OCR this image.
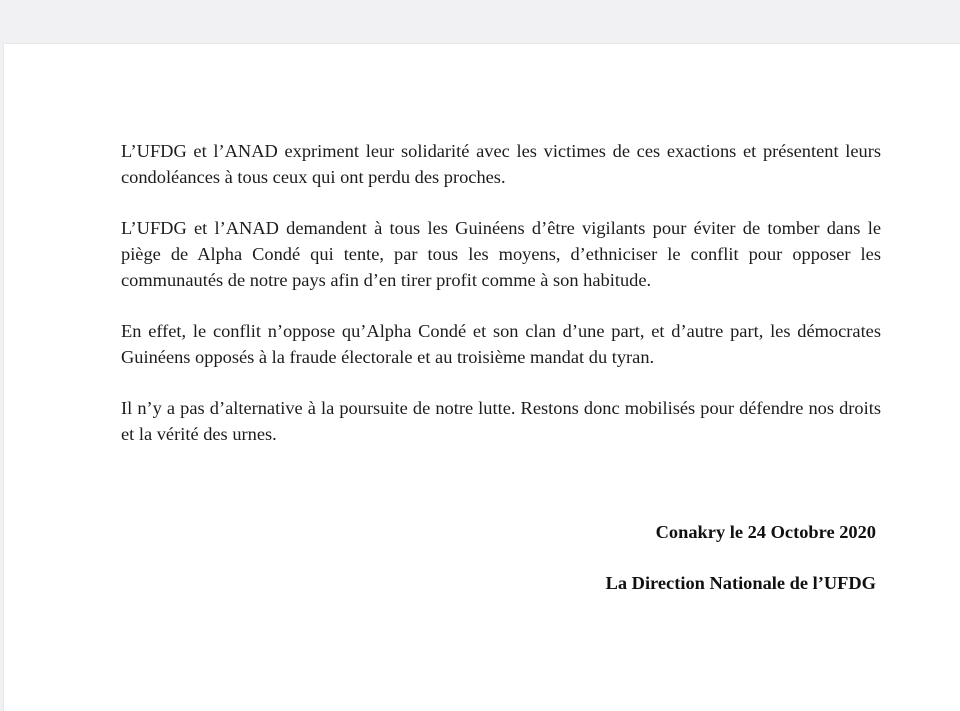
L’UFDG et l’ANAD expriment leur solidarité avec les victimes de ces exactions et présentent leurs condoléances à tous ceux qui ont perdu des proches.

L’UFDG et l’ANAD demandent à tous les Guinéens d’être vigilants pour éviter de tomber dans le piège de Alpha Condé qui tente, par tous les moyens, d’ethniciser le conflit pour opposer les communautés de notre pays afin d’en tirer profit comme à son habitude.

En effet, le conflit n’oppose qu’Alpha Condé et son clan d’une part, et d’autre part, les démocrates Guinéens opposés à la fraude électorale et au troisième mandat du tyran.

Il n’y a pas d’alternative à la poursuite de notre lutte. Restons donc mobilisés pour défendre nos droits et la vérité des urnes.

Conakry le 24 Octobre 2020

La Direction Nationale de l’UFDG
